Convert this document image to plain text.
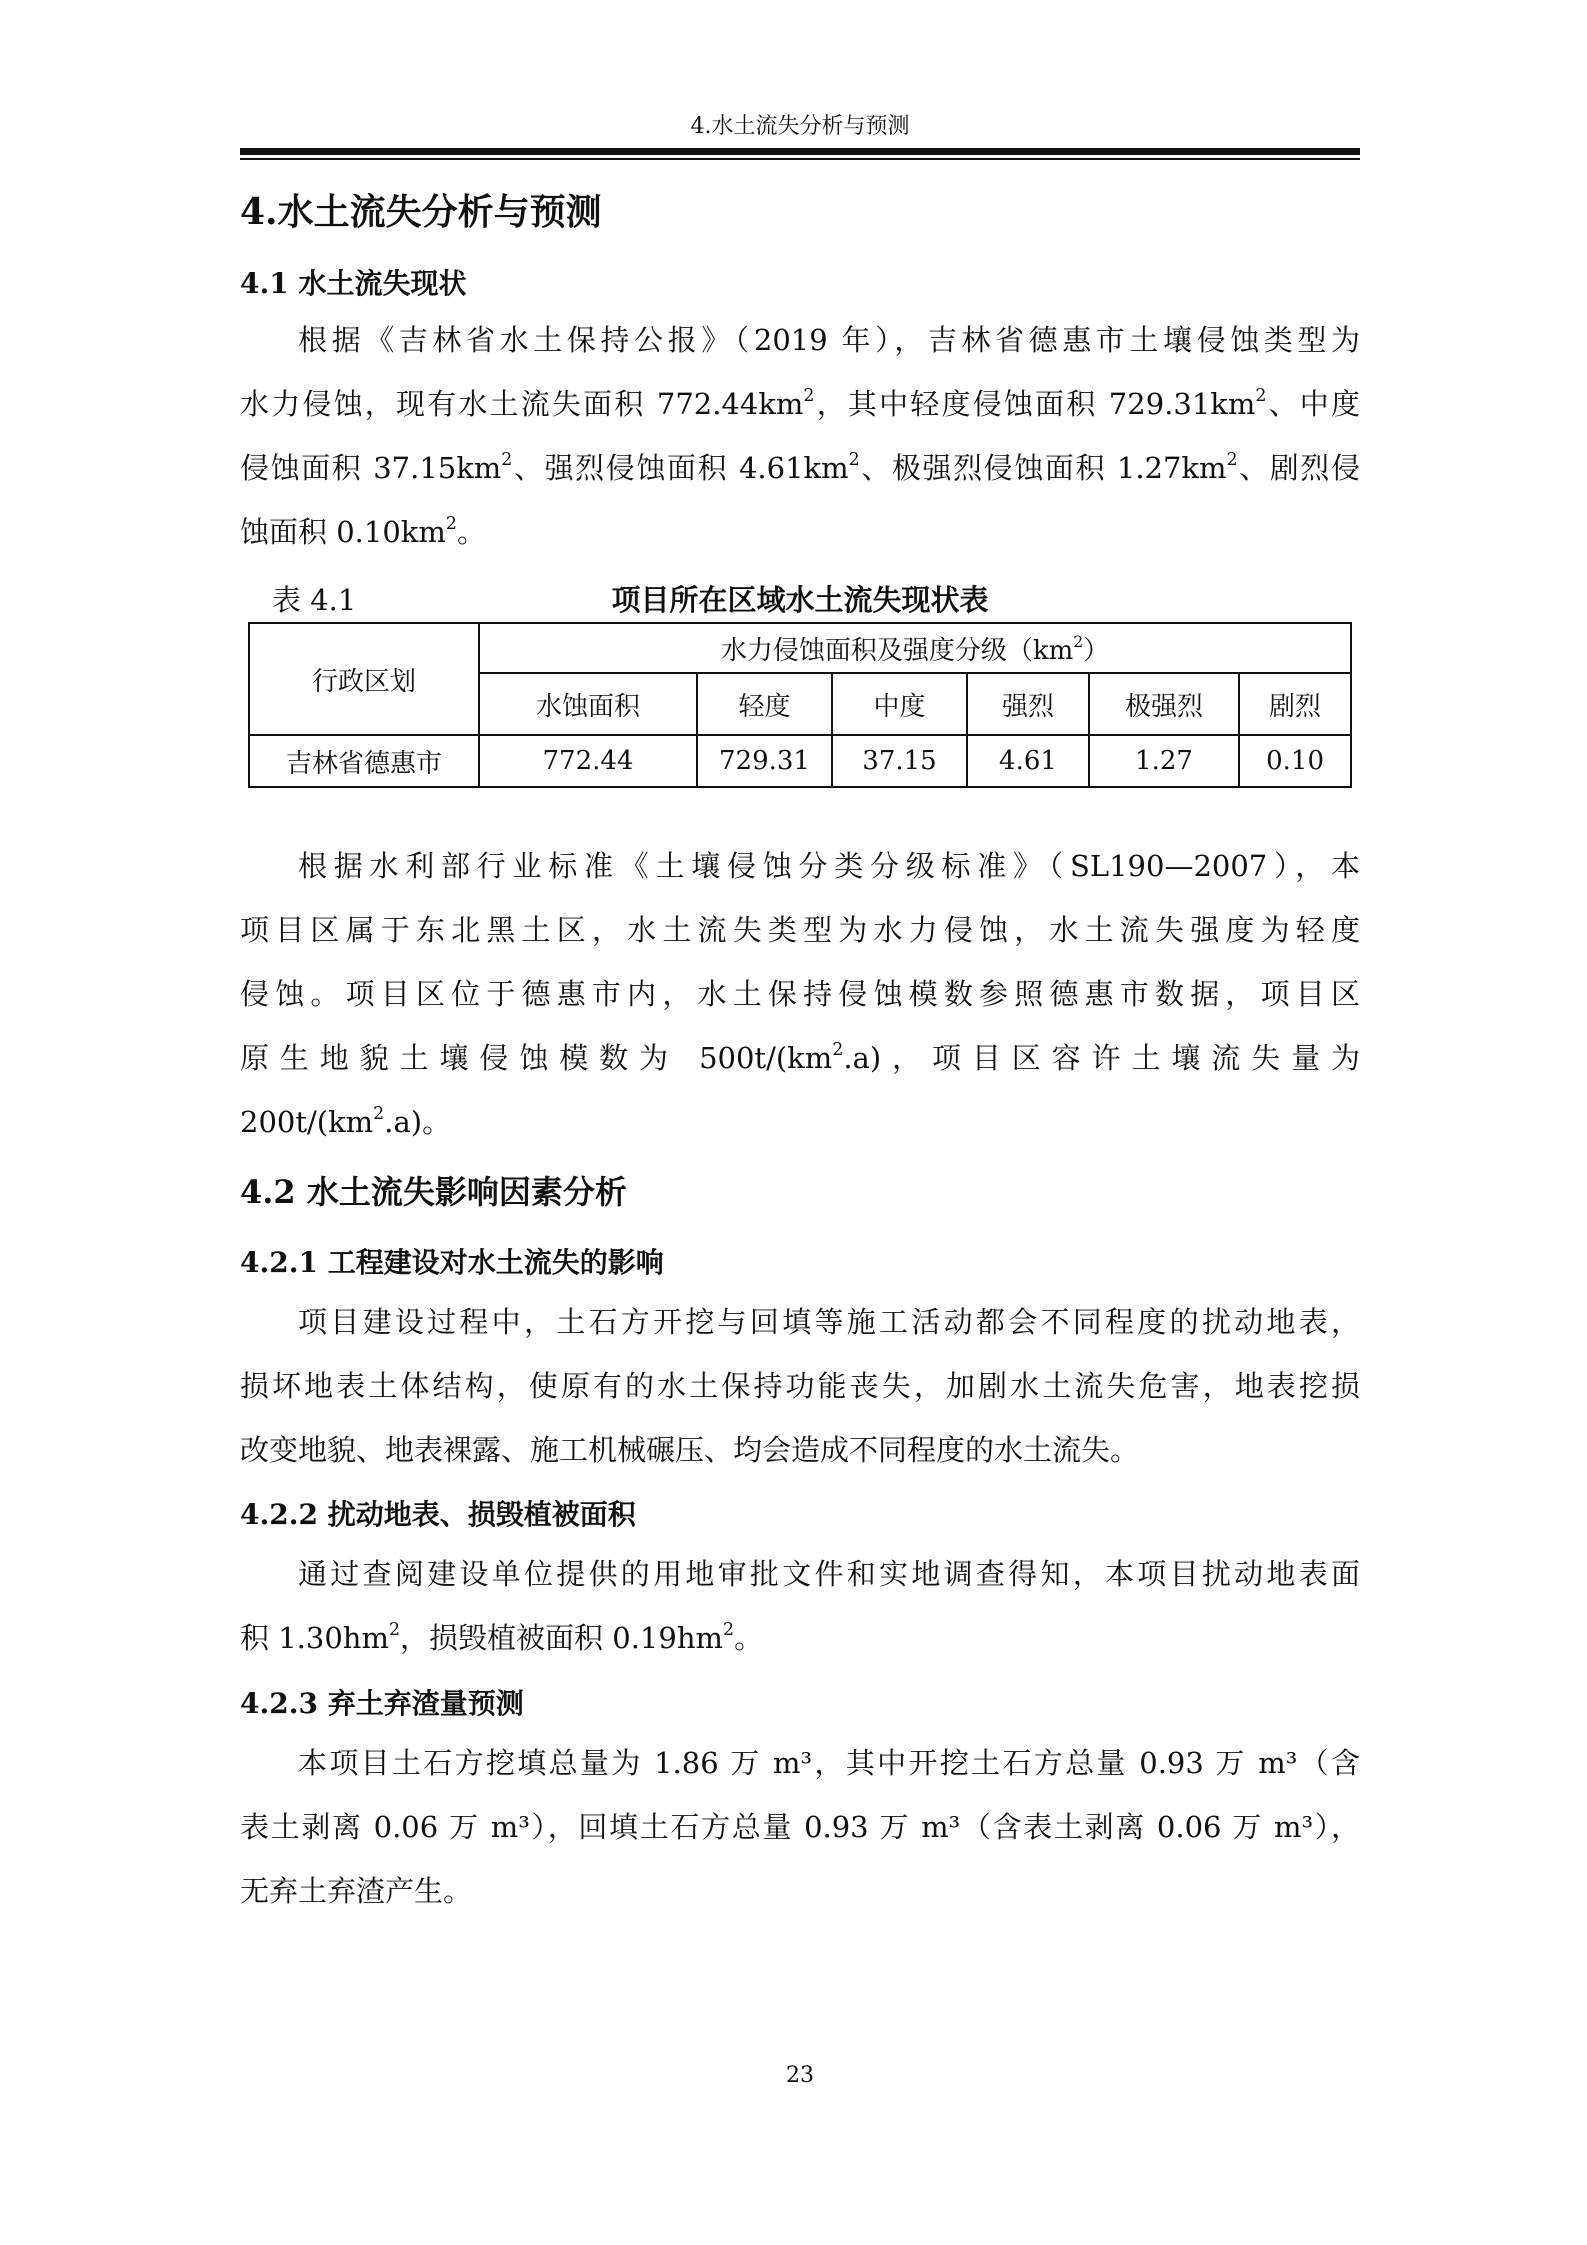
4.水土流失分析与预测
4.水土流失分析与预测
4.1 水土流失现状
根据《吉林省水土保持公报》（2019 年），吉林省德惠市土壤侵蚀类型为
水力侵蚀，现有水土流失面积 $772.44km^2$，其中轻度侵蚀面积 $729.31km^2$、中度
侵蚀面积 $37.15km^2$、强烈侵蚀面积 $4.61km^2$、极强烈侵蚀面积 $1.27km^2$、剧烈侵
蚀面积 $0.10km^2$。
表 4.1	项目所在区域水土流失现状表
行政区划	水力侵蚀面积及强度分级$(km^2)$					
	水蚀面积	轻度	中度	强烈	极强烈	剧烈
吉林省德惠市	772.44	729.31	37.15	4.61	1.27	0.10
根据水利部行业标准《土壤侵蚀分类分级标准》（SL190—2007），本
项目区属于东北黑土区，水土流失类型为水力侵蚀，水土流失强度为轻度
侵蚀。项目区位于德惠市内，水土保持侵蚀模数参照德惠市数据，项目区
原生地貌土壤侵蚀模数为 $500t/(km^2.a)$，项目区容许土壤流失量为
$200t/(km^2.a)$。
4.2 水土流失影响因素分析
4.2.1 工程建设对水土流失的影响
项目建设过程中，土石方开挖与回填等施工活动都会不同程度的扰动地表，
损坏地表土体结构，使原有的水土保持功能丧失，加剧水土流失危害，地表挖损
改变地貌、地表裸露、施工机械碾压、均会造成不同程度的水土流失。
4.2.2 扰动地表、损毁植被面积
通过查阅建设单位提供的用地审批文件和实地调查得知，本项目扰动地表面
积 $1.30hm^2$，损毁植被面积 $0.19hm^2$。
4.2.3 弃土弃渣量预测
本项目土石方挖填总量为 1.86 万 m³，其中开挖土石方总量 0.93 万 m³（含
表土剥离 0.06 万 m³），回填土石方总量 0.93 万 m³（含表土剥离 0.06 万 m³），
无弃土弃渣产生。
23
